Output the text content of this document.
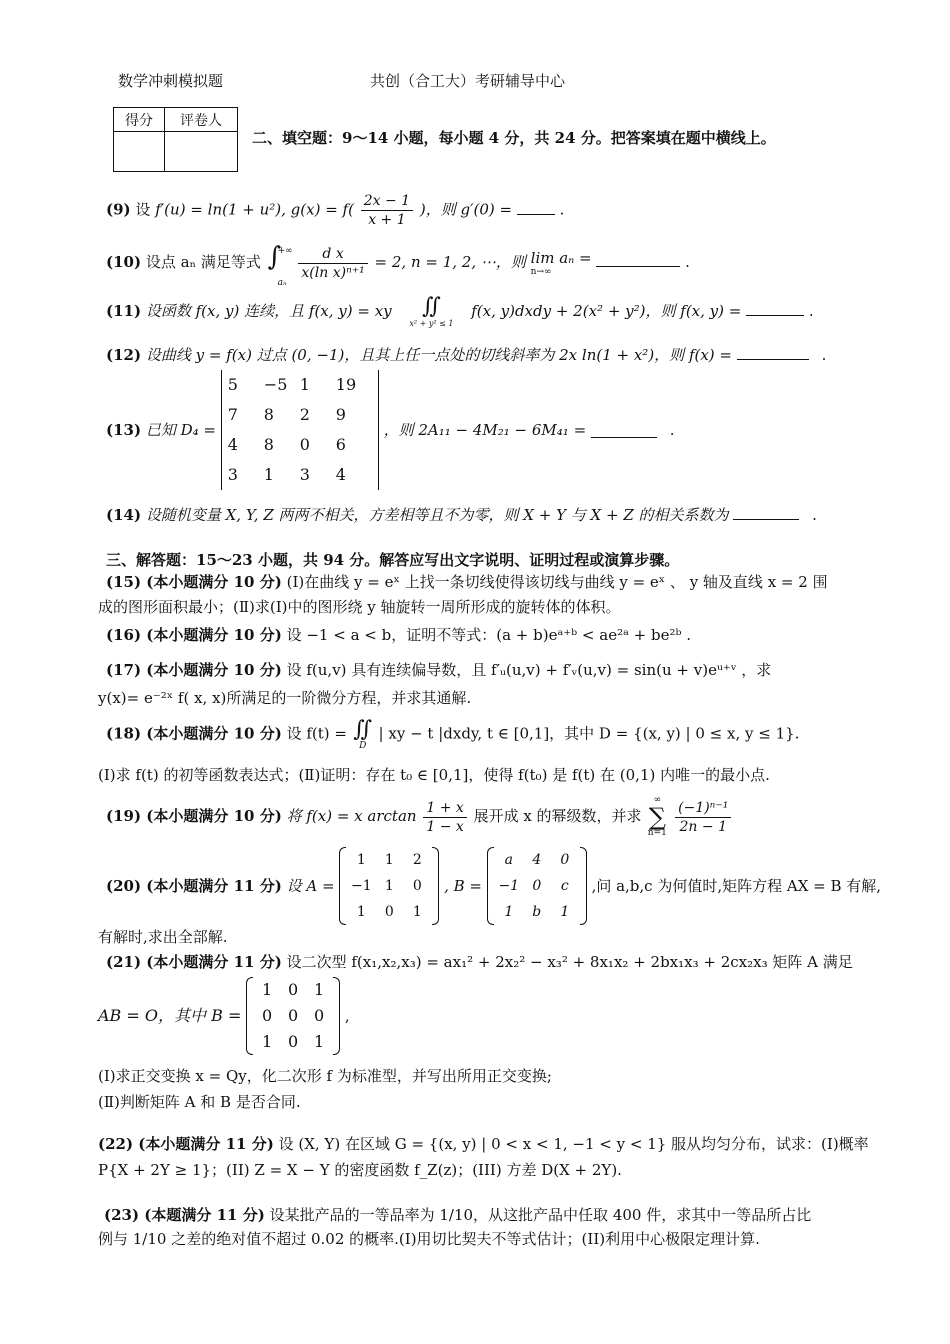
数学冲刺模拟题	共创（合工大）考研辅导中心
得分	评卷人

二、填空题：9～14 小题，每小题 4 分，共 24 分。把答案填在题中横线上。
(9) 设 f′(u) = ln(1 + u²), $g(x) = f( \frac{2x - 1}{x + 1}$ )，则 g′(0) =	.
(10) 设点 aₙ 满足等式 ∫
+∞
aₙ

$\frac{\text{d x}}{\text{x(ln x)ⁿ⁺¹}} = 2$, n = 1, 2, ⋯，则 lim aₙ =
n→∞
.
(11) 设函数 f(x, y) 连续，且 f(x, y) = xy	∬
x² + y² ≤ 1
f(x, y)dxdy + 2(x² + y²)，则 f(x, y) =	.
(12) 设曲线 y = f(x) 过点 (0, −1)，且其上任一点处的切线斜率为 2x ln(1 + x²)，则 f(x) =	.
(13) 已知 D₄ =
5	−5 1	19
7	8	2	9
4	8	0	6
3	1	3	4
，则 2A₁₁ − 4M₂₁ − 6M₄₁ =	.
(14) 设随机变量 X, Y, Z 两两不相关，方差相等且不为零，则 X + Y 与 X + Z 的相关系数为	.
三、解答题：15～23 小题，共 94 分。解答应写出文字说明、证明过程或演算步骤。
(15) (本小题满分 10 分) (I)在曲线 y = eˣ 上找一条切线使得该切线与曲线 y = eˣ 、 y 轴及直线 x = 2 围
成的图形面积最小；(Ⅱ)求(I)中的图形绕 y 轴旋转一周所形成的旋转体的体积。
(16) (本小题满分 10 分) 设 −1 < a < b，证明不等式：(a + b)eᵃ⁺ᵇ < ae²ᵃ + be²ᵇ .
(17) (本小题满分 10 分) 设 f(u,v) 具有连续偏导数，且 f′ᵤ(u,v) + f′ᵥ(u,v) = sin(u + v)eᵘ⁺ᵛ ，求
y(x)= e⁻²ˣ f( x, x)所满足的一阶微分方程，并求其通解.
(18) (本小题满分 10 分) 设 f(t) = ∬
D
| xy − t |dxdy, t ∈ [0,1]，其中 D = {(x, y) | 0 ≤ x, y ≤ 1}.
(Ⅰ)求 f(t) 的初等函数表达式；(Ⅱ)证明：存在 t₀ ∈ [0,1]，使得 f(t₀) 是 f(t) 在 (0,1) 内唯一的最小点.
(19) (本小题满分 10 分) 将 f(x) = x $\arctan \frac{1 + x}{1 - x}$ 展开成 x 的幂级数，并求
∞
∑
n=1
$\frac{\text{(−1)ⁿ⁻¹}}{2n - 1}$
(20) (本小题满分 11 分) 设 A =
1	1	2
−1 1	0
1	0	1
, B =
a	4	0
−1 0	c
1	b	1
,问 a,b,c 为何值时,矩阵方程 AX = B 有解,
有解时,求出全部解.
(21) (本小题满分 11 分) 设二次型 f(x₁,x₂,x₃) = ax₁² + 2x₂² − x₃² + 8x₁x₂ + 2bx₁x₃ + 2cx₂x₃ 矩阵 A 满足
AB = O，其中 B =
1 0 1
0 0 0
1 0 1
,
(Ⅰ)求正交变换 x = Qy，化二次形 f 为标准型，并写出所用正交变换;
(Ⅱ)判断矩阵 A 和 B 是否合同.
(22) (本小题满分 11 分) 设 (X, Y) 在区域 G = {(x, y) | 0 < x < 1, −1 < y < 1} 服从均匀分布，试求：(I)概率
P{X + 2Y ≥ 1}；(II) Z = X − Y 的密度函数 f_Z(z)；(III) 方差 D(X + 2Y).
(23) (本题满分 11 分) 设某批产品的一等品率为 1/10，从这批产品中任取 400 件，求其中一等品所占比
例与 1/10 之差的绝对值不超过 0.02 的概率.(I)用切比契夫不等式估计；(II)利用中心极限定理计算.
